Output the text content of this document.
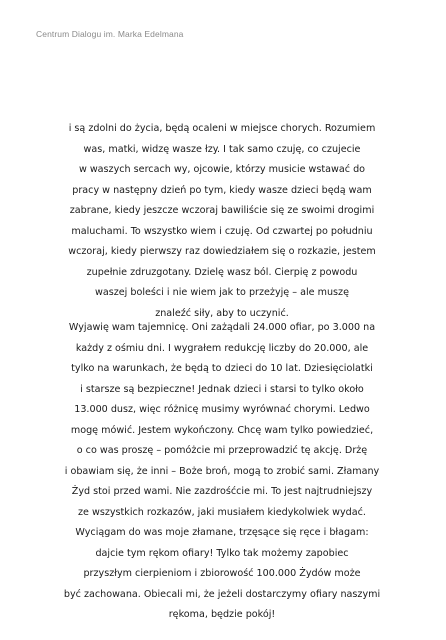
Centrum Dialogu im. Marka Edelmana
i są zdolni do życia, będą ocaleni w miejsce chorych. Rozumiem
was, matki, widzę wasze łzy. I tak samo czuję, co czujecie
w waszych sercach wy, ojcowie, którzy musicie wstawać do
pracy w następny dzień po tym, kiedy wasze dzieci będą wam
zabrane, kiedy jeszcze wczoraj bawiliście się ze swoimi drogimi
maluchami. To wszystko wiem i czuję. Od czwartej po południu
wczoraj, kiedy pierwszy raz dowiedziałem się o rozkazie, jestem
zupełnie zdruzgotany. Dzielę wasz ból. Cierpię z powodu
waszej boleści i nie wiem jak to przeżyję – ale muszę
znaleźć siły, aby to uczynić.
Wyjawię wam tajemnicę. Oni zażądali 24.000 ofiar, po 3.000 na
każdy z ośmiu dni. I wygrałem redukcję liczby do 20.000, ale
tylko na warunkach, że będą to dzieci do 10 lat. Dziesięciolatki
i starsze są bezpieczne! Jednak dzieci i starsi to tylko około
13.000 dusz, więc różnicę musimy wyrównać chorymi. Ledwo
mogę mówić. Jestem wykończony. Chcę wam tylko powiedzieć,
o co was proszę – pomóżcie mi przeprowadzić tę akcję. Drżę
i obawiam się, że inni – Boże broń, mogą to zrobić sami. Złamany
Żyd stoi przed wami. Nie zazdrośćcie mi. To jest najtrudniejszy
ze wszystkich rozkazów, jaki musiałem kiedykolwiek wydać.
Wyciągam do was moje złamane, trzęsące się ręce i błagam:
dajcie tym rękom ofiary! Tylko tak możemy zapobiec
przyszłym cierpieniom i zbiorowość 100.000 Żydów może
być zachowana. Obiecali mi, że jeżeli dostarczymy ofiary naszymi
rękoma, będzie pokój!
